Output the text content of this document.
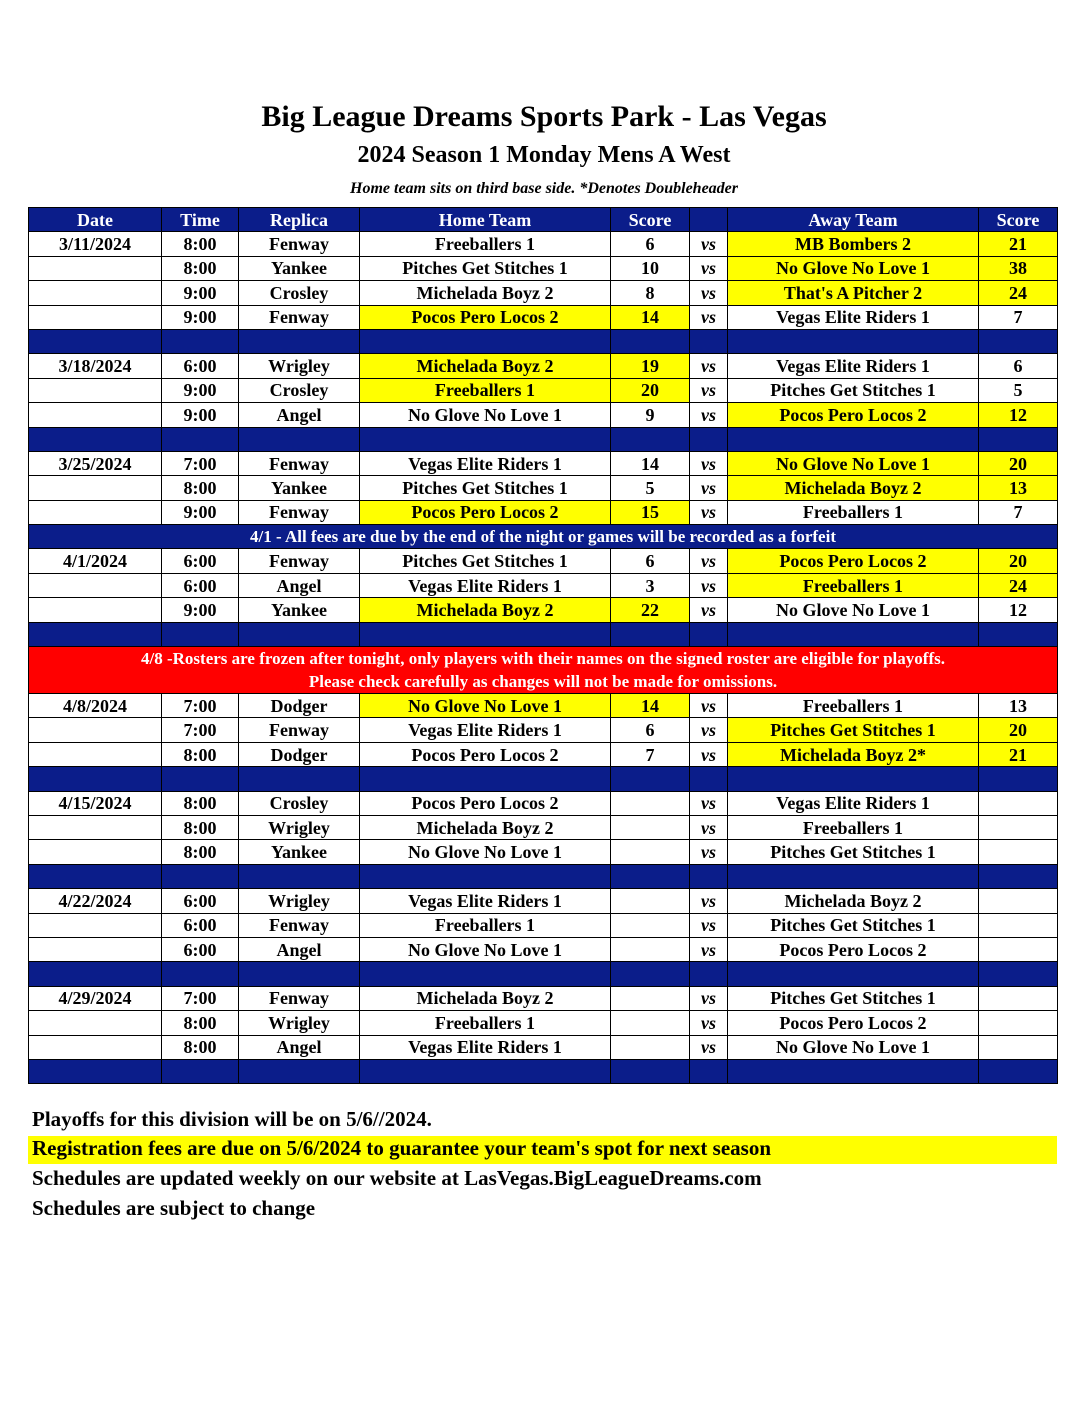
Big League Dreams Sports Park - Las Vegas
2024 Season 1 Monday Mens A West
Home team sits on third base side. *Denotes Doubleheader
Date	Time	Replica	Home Team	Score		Away Team	Score
3/11/2024	8:00	Fenway	Freeballers 1	6	vs	MB Bombers 2	21
	8:00	Yankee	Pitches Get Stitches 1	10	vs	No Glove No Love 1	38
	9:00	Crosley	Michelada Boyz 2	8	vs	That's A Pitcher 2	24
	9:00	Fenway	Pocos Pero Locos 2	14	vs	Vegas Elite Riders 1	7

3/18/2024	6:00	Wrigley	Michelada Boyz 2	19	vs	Vegas Elite Riders 1	6
	9:00	Crosley	Freeballers 1	20	vs	Pitches Get Stitches 1	5
	9:00	Angel	No Glove No Love 1	9	vs	Pocos Pero Locos 2	12

3/25/2024	7:00	Fenway	Vegas Elite Riders 1	14	vs	No Glove No Love 1	20
	8:00	Yankee	Pitches Get Stitches 1	5	vs	Michelada Boyz 2	13
	9:00	Fenway	Pocos Pero Locos 2	15	vs	Freeballers 1	7
4/1 - All fees are due by the end of the night or games will be recorded as a forfeit							
4/1/2024	6:00	Fenway	Pitches Get Stitches 1	6	vs	Pocos Pero Locos 2	20
	6:00	Angel	Vegas Elite Riders 1	3	vs	Freeballers 1	24
	9:00	Yankee	Michelada Boyz 2	22	vs	No Glove No Love 1	12

4/8 -Rosters are frozen after tonight, only players with their names on the signed roster are eligible for playoffs.
Please check carefully as changes will not be made for omissions.							

4/8/2024	7:00	Dodger	No Glove No Love 1	14	vs	Freeballers 1	13
	7:00	Fenway	Vegas Elite Riders 1	6	vs	Pitches Get Stitches 1	20
	8:00	Dodger	Pocos Pero Locos 2	7	vs	Michelada Boyz 2*	21

4/15/2024	8:00	Crosley	Pocos Pero Locos 2		vs	Vegas Elite Riders 1	
	8:00	Wrigley	Michelada Boyz 2		vs	Freeballers 1	
	8:00	Yankee	No Glove No Love 1		vs	Pitches Get Stitches 1	

4/22/2024	6:00	Wrigley	Vegas Elite Riders 1		vs	Michelada Boyz 2	
	6:00	Fenway	Freeballers 1		vs	Pitches Get Stitches 1	
	6:00	Angel	No Glove No Love 1		vs	Pocos Pero Locos 2	

4/29/2024	7:00	Fenway	Michelada Boyz 2		vs	Pitches Get Stitches 1	
	8:00	Wrigley	Freeballers 1		vs	Pocos Pero Locos 2	
	8:00	Angel	Vegas Elite Riders 1		vs	No Glove No Love 1	

Playoffs for this division will be on 5/6//2024.
Registration fees are due on 5/6/2024 to guarantee your team's spot for next season
Schedules are updated weekly on our website at LasVegas.BigLeagueDreams.com
Schedules are subject to change
